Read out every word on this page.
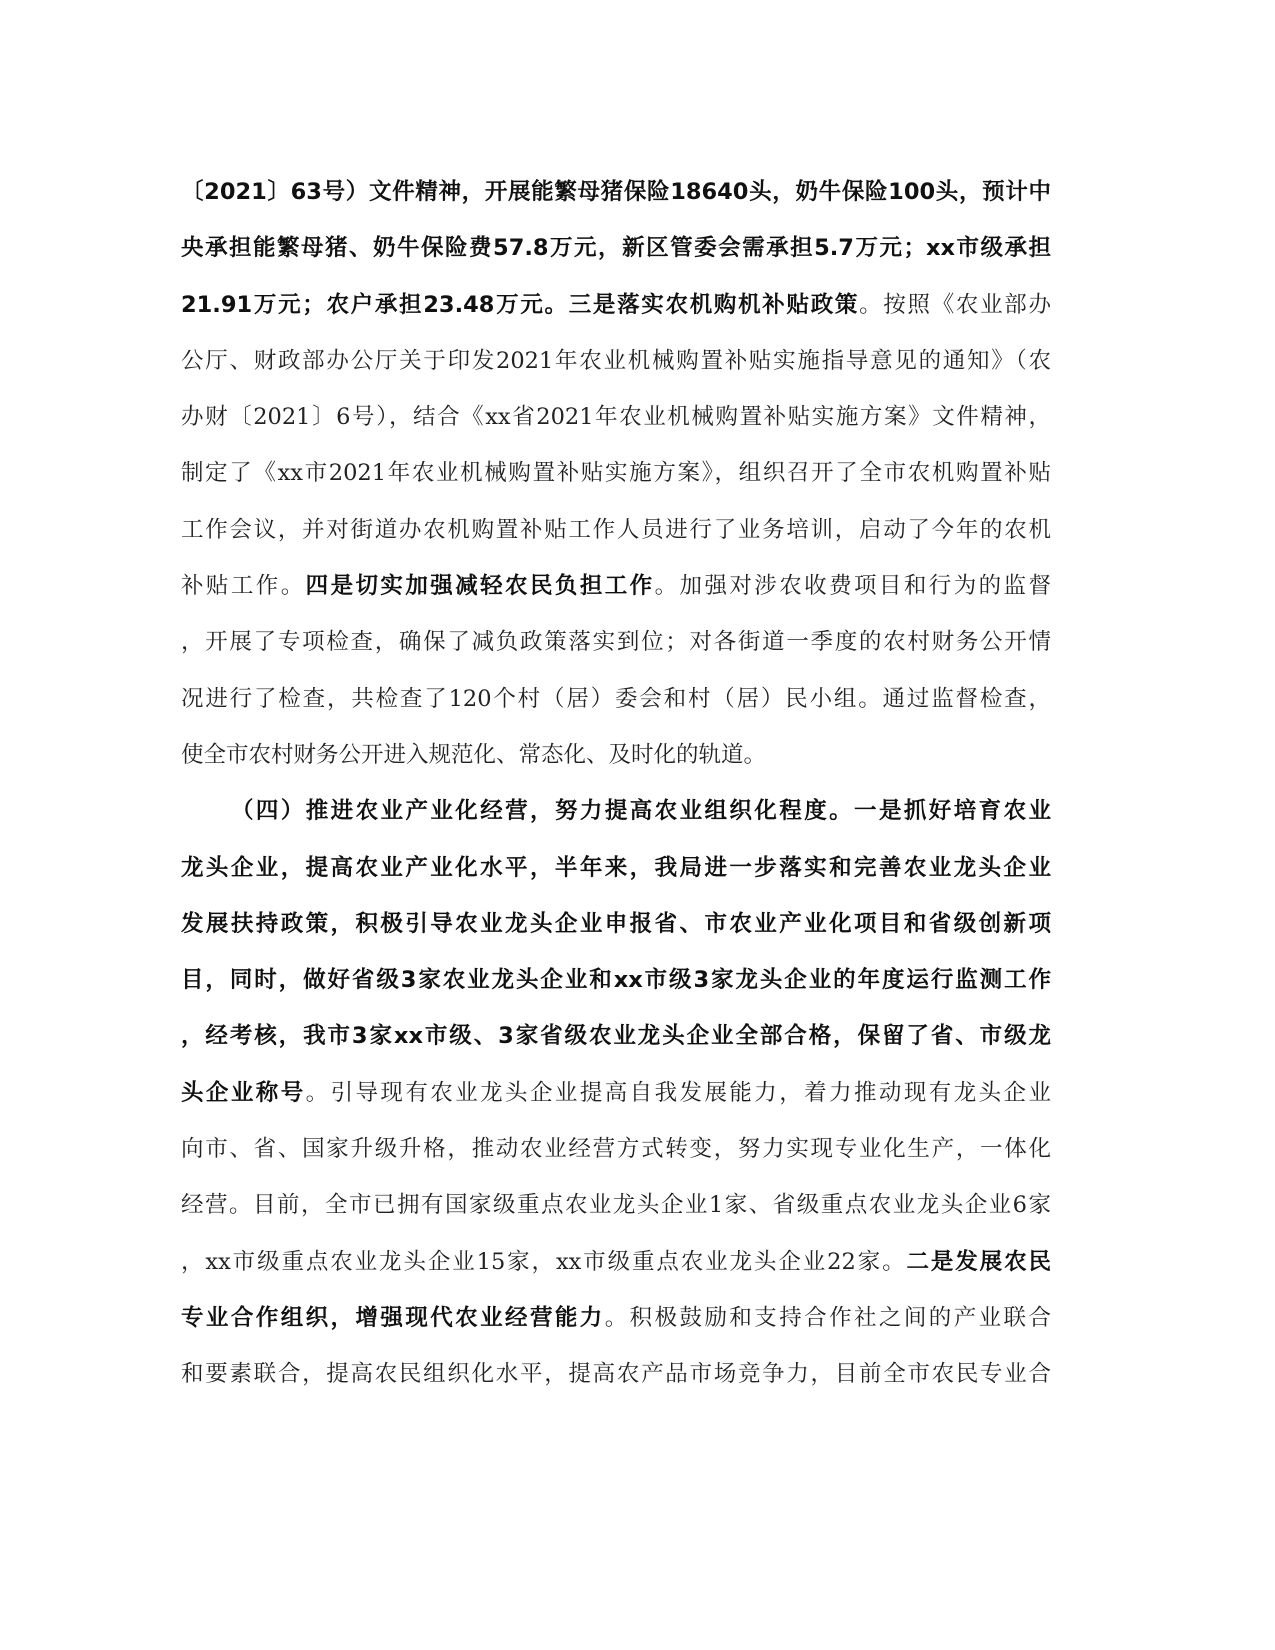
〔2021〕63号）文件精神，开展能繁母猪保险18640头，奶牛保险100头，预计中
央承担能繁母猪、奶牛保险费57.8万元，新区管委会需承担5.7万元；xx市级承担
21.91万元；农户承担23.48万元。三是落实农机购机补贴政策。按照《农业部办
公厅、财政部办公厅关于印发2021年农业机械购置补贴实施指导意见的通知》（农
办财〔2021〕6号），结合《xx省2021年农业机械购置补贴实施方案》文件精神，
制定了《xx市2021年农业机械购置补贴实施方案》，组织召开了全市农机购置补贴
工作会议，并对街道办农机购置补贴工作人员进行了业务培训，启动了今年的农机
补贴工作。四是切实加强减轻农民负担工作。加强对涉农收费项目和行为的监督
，开展了专项检查，确保了减负政策落实到位；对各街道一季度的农村财务公开情
况进行了检查，共检查了120个村（居）委会和村（居）民小组。通过监督检查，
使全市农村财务公开进入规范化、常态化、及时化的轨道。
（四）推进农业产业化经营，努力提高农业组织化程度。一是抓好培育农业
龙头企业，提高农业产业化水平，半年来，我局进一步落实和完善农业龙头企业
发展扶持政策，积极引导农业龙头企业申报省、市农业产业化项目和省级创新项
目，同时，做好省级3家农业龙头企业和xx市级3家龙头企业的年度运行监测工作
，经考核，我市3家xx市级、3家省级农业龙头企业全部合格，保留了省、市级龙
头企业称号。引导现有农业龙头企业提高自我发展能力，着力推动现有龙头企业
向市、省、国家升级升格，推动农业经营方式转变，努力实现专业化生产，一体化
经营。目前，全市已拥有国家级重点农业龙头企业1家、省级重点农业龙头企业6家
，xx市级重点农业龙头企业15家，xx市级重点农业龙头企业22家。二是发展农民
专业合作组织，增强现代农业经营能力。积极鼓励和支持合作社之间的产业联合
和要素联合，提高农民组织化水平，提高农产品市场竞争力，目前全市农民专业合
